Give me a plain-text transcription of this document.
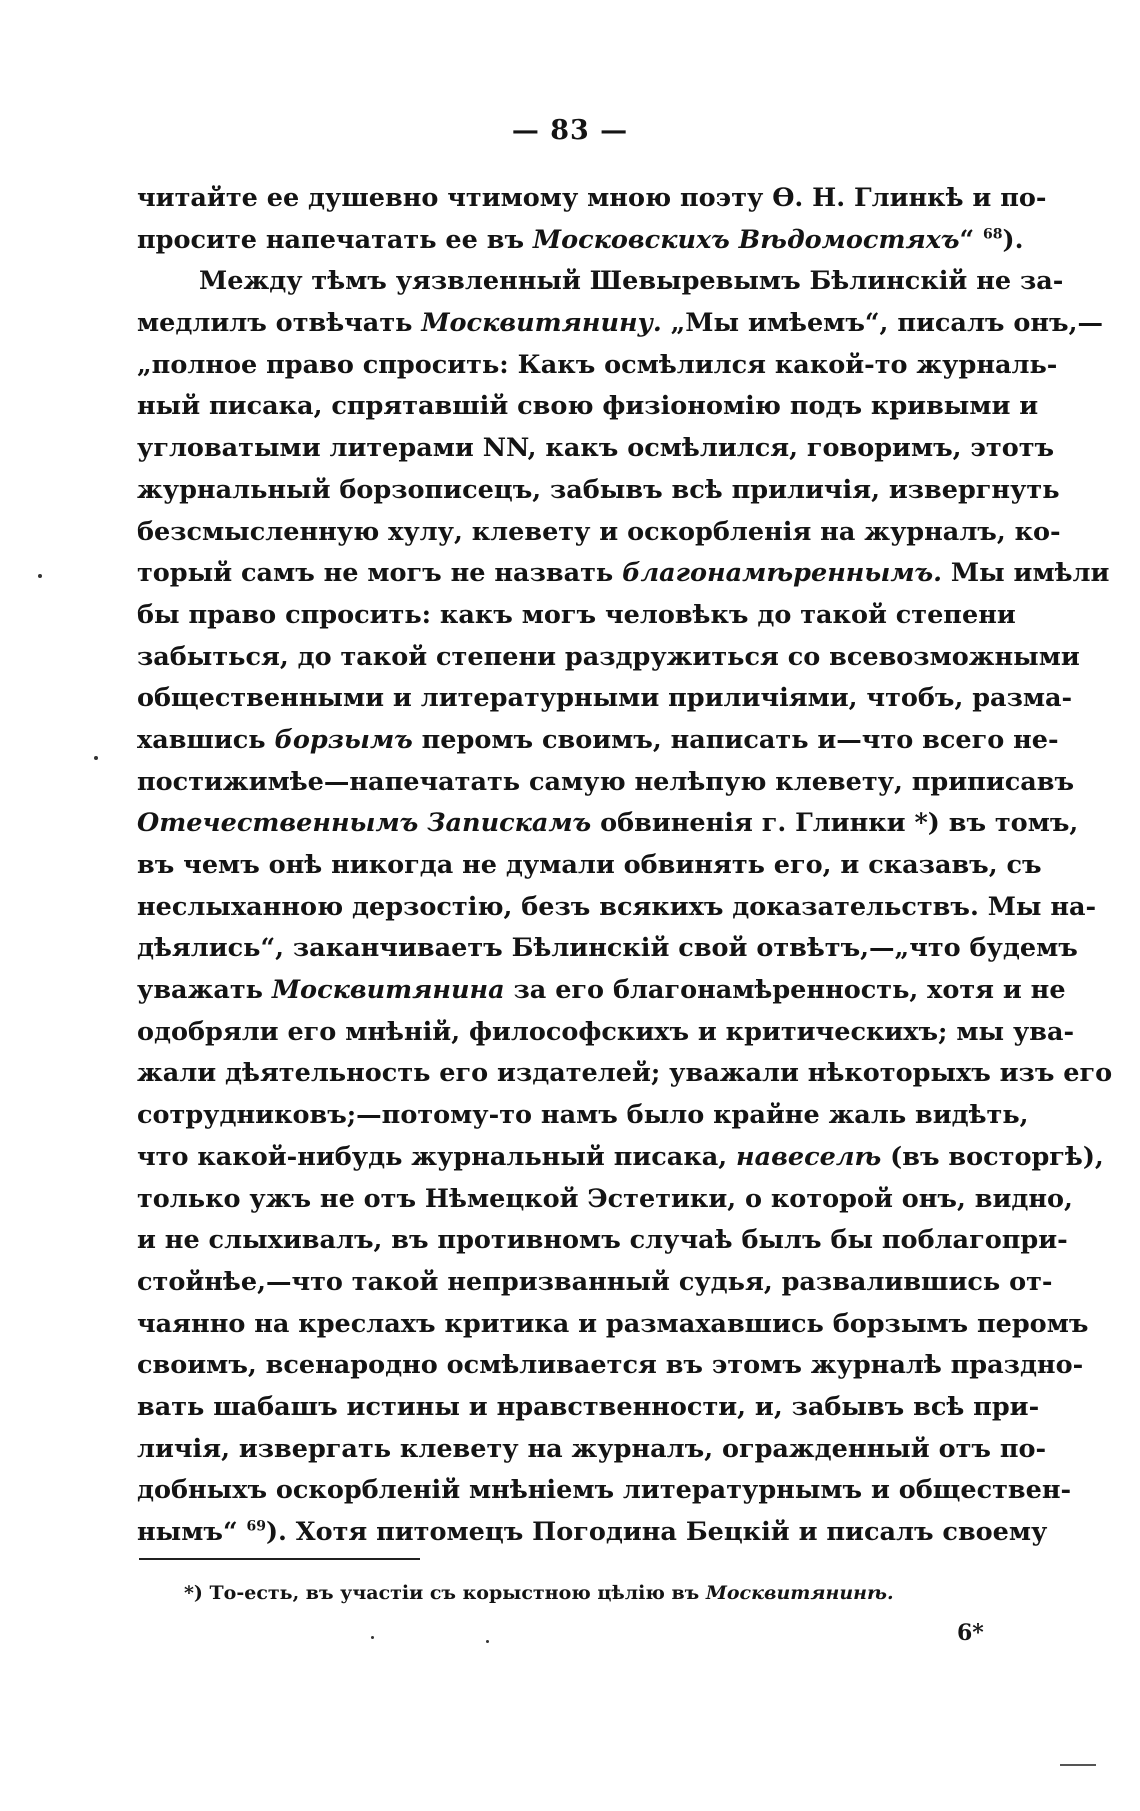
— 83 —
читайте ее душевно чтимому мною поэту Ѳ. Н. Глинкѣ и по-
просите напечатать ее въ Московскихъ Вѣдомостяхъ“ $^{68}$).
Между тѣмъ уязвленный Шевыревымъ Бѣлинскій не за-
медлилъ отвѣчать Москвитянину. „Мы имѣемъ“, писалъ онъ,—
„полное право спросить: Какъ осмѣлился какой-то журналь-
ный писака, спрятавшій свою физіономію подъ кривыми и
угловатыми литерами NN, какъ осмѣлился, говоримъ, этотъ
журнальный борзописецъ, забывъ всѣ приличія, извергнуть
безсмысленную хулу, клевету и оскорбленія на журналъ, ко-
торый самъ не могъ не назвать благонамѣреннымъ. Мы имѣли
бы право спросить: какъ могъ человѣкъ до такой степени
забыться, до такой степени раздружиться со всевозможными
общественными и литературными приличіями, чтобъ, разма-
хавшись борзымъ перомъ своимъ, написать и—что всего не-
постижимѣе—напечатать самую нелѣпую клевету, приписавъ
Отечественнымъ Запискамъ обвиненія г. Глинки *) въ томъ,
въ чемъ онѣ никогда не думали обвинять его, и сказавъ, съ
неслыханною дерзостію, безъ всякихъ доказательствъ. Мы на-
дѣялись“, заканчиваетъ Бѣлинскій свой отвѣтъ,—„что будемъ
уважать Москвитянина за его благонамѣренность, хотя и не
одобряли его мнѣній, философскихъ и критическихъ; мы ува-
жали дѣятельность его издателей; уважали нѣкоторыхъ изъ его
сотрудниковъ;—потому-то намъ было крайне жаль видѣть,
что какой-нибудь журнальный писака, навеселѣ (въ восторгѣ),
только ужъ не отъ Нѣмецкой Эстетики, о которой онъ, видно,
и не слыхивалъ, въ противномъ случаѣ былъ бы поблагопри-
стойнѣе,—что такой непризванный судья, развалившись от-
чаянно на креслахъ критика и размахавшись борзымъ перомъ
своимъ, всенародно осмѣливается въ этомъ журналѣ праздно-
вать шабашъ истины и нравственности, и, забывъ всѣ при-
личія, извергать клевету на журналъ, огражденный отъ по-
добныхъ оскорбленій мнѣніемъ литературнымъ и обществен-
нымъ“ $^{69}$). Хотя питомецъ Погодина Бецкій и писалъ своему
*) То-есть, въ участіи съ корыстною цѣлію въ Москвитянинѣ.
6*
